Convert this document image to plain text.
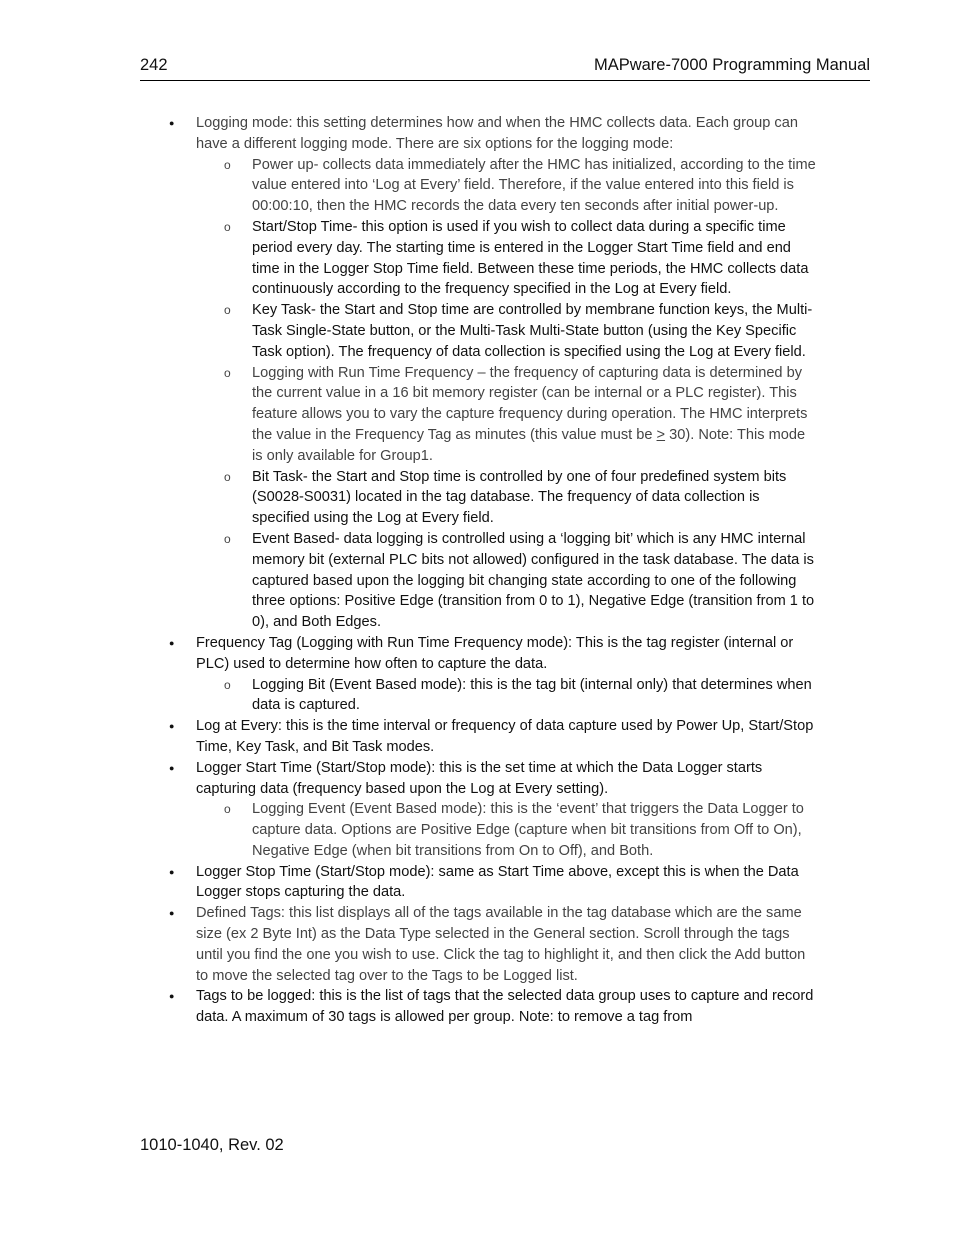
242	MAPware-7000 Programming Manual

● Logging mode: this setting determines how and when the HMC collects data. Each group can have a different logging mode. There are six options for the logging mode:

o Power up- collects data immediately after the HMC has initialized, according to the time value entered into ‘Log at Every’ field. Therefore, if the value entered into this field is 00:00:10, then the HMC records the data every ten seconds after initial power-up.

o Start/Stop Time- this option is used if you wish to collect data during a specific time period every day. The starting time is entered in the Logger Start Time field and end time in the Logger Stop Time field. Between these time periods, the HMC collects data continuously according to the frequency specified in the Log at Every field.

o Key Task- the Start and Stop time are controlled by membrane function keys, the Multi-Task Single-State button, or the Multi-Task Multi-State button (using the Key Specific Task option). The frequency of data collection is specified using the Log at Every field.

o Logging with Run Time Frequency – the frequency of capturing data is determined by the current value in a 16 bit memory register (can be internal or a PLC register). This feature allows you to vary the capture frequency during operation. The HMC interprets the value in the Frequency Tag as minutes (this value must be ≥ 30). Note: This mode is only available for Group1.

o Bit Task- the Start and Stop time is controlled by one of four predefined system bits (S0028-S0031) located in the tag database. The frequency of data collection is specified using the Log at Every field.

o Event Based- data logging is controlled using a ‘logging bit’ which is any HMC internal memory bit (external PLC bits not allowed) configured in the task database. The data is captured based upon the logging bit changing state according to one of the following three options: Positive Edge (transition from 0 to 1), Negative Edge (transition from 1 to 0), and Both Edges.

● Frequency Tag (Logging with Run Time Frequency mode): This is the tag register (internal or PLC) used to determine how often to capture the data.

o Logging Bit (Event Based mode): this is the tag bit (internal only) that determines when data is captured.

● Log at Every: this is the time interval or frequency of data capture used by Power Up, Start/Stop Time, Key Task, and Bit Task modes.

● Logger Start Time (Start/Stop mode): this is the set time at which the Data Logger starts capturing data (frequency based upon the Log at Every setting).

o Logging Event (Event Based mode): this is the ‘event’ that triggers the Data Logger to capture data. Options are Positive Edge (capture when bit transitions from Off to On), Negative Edge (when bit transitions from On to Off), and Both.

● Logger Stop Time (Start/Stop mode): same as Start Time above, except this is when the Data Logger stops capturing the data.

● Defined Tags: this list displays all of the tags available in the tag database which are the same size (ex 2 Byte Int) as the Data Type selected in the General section. Scroll through the tags until you find the one you wish to use. Click the tag to highlight it, and then click the Add button to move the selected tag over to the Tags to be Logged list.

● Tags to be logged: this is the list of tags that the selected data group uses to capture and record data. A maximum of 30 tags is allowed per group. Note: to remove a tag from

1010-1040, Rev. 02
